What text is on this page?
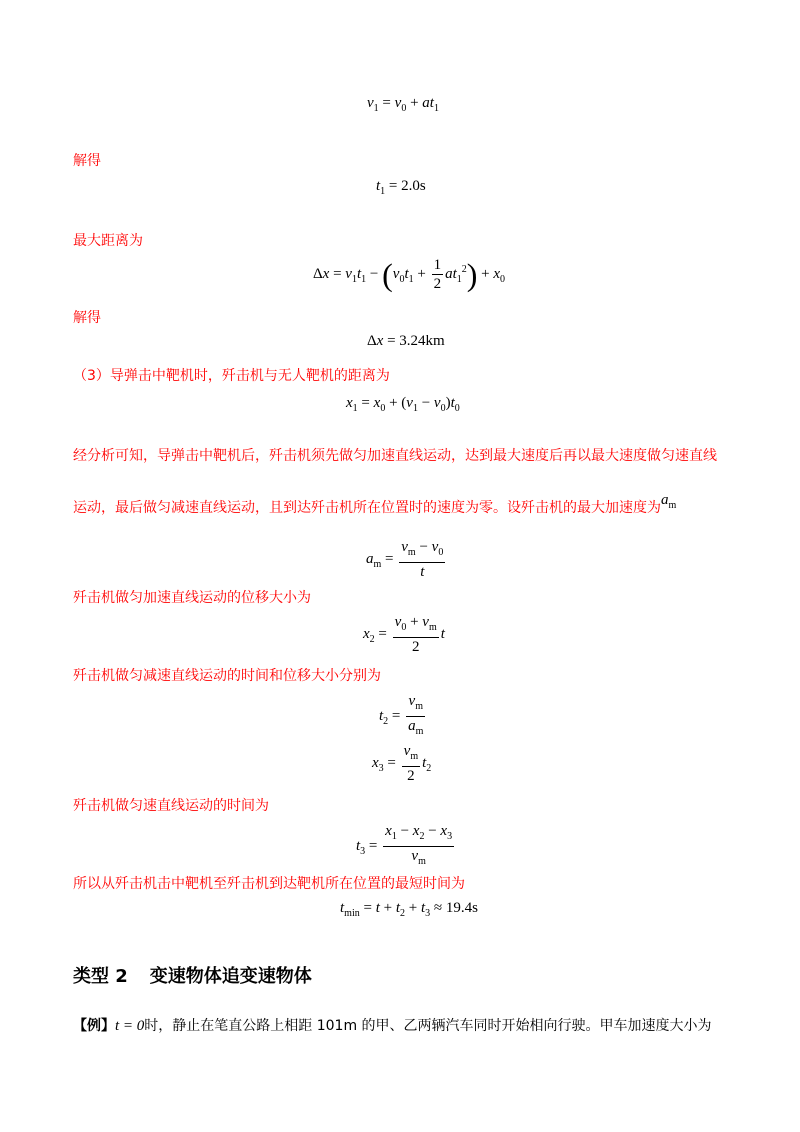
$v_1 = v_0 + at_1$
解得
$t_1 = 2.0s$
最大距离为
$\Delta x = v_1t_1 - (v_0t_1 + \frac{1}{2} at_1^2) + x_0$
解得
Δx = 3.24km
（3）导弹击中靶机时，歼击机与无人靶机的距离为
$x_1 = x_0 + (v_1 - v_0)t_0$
经分析可知，导弹击中靶机后，歼击机须先做匀加速直线运动，达到最大速度后再以最大速度做匀速直线
运动，最后做匀减速直线运动，且到达歼击机所在位置时的速度为零。设歼击机的最大加速度为$a_m$
$a_m = \frac{v_m - v_0}{t}$
歼击机做匀加速直线运动的位移大小为
$x_2 = \frac{v_0 + v_m}{2}$ t
歼击机做匀减速直线运动的时间和位移大小分别为
$t_2 = \frac{v_m}{a_m}$
$x_3 = \frac{v_m}{2} t_2$
歼击机做匀速直线运动的时间为
$t_3 = \frac{x_1 - x_2 - x_3}{v_m}$
所以从歼击机击中靶机至歼击机到达靶机所在位置的最短时间为
$t_{min} = t + t_2 + t_3 \approx 19.4s$
类型 2 变速物体追变速物体
【例】t = 0时，静止在笔直公路上相距 101m 的甲、乙两辆汽车同时开始相向行驶。甲车加速度大小为
